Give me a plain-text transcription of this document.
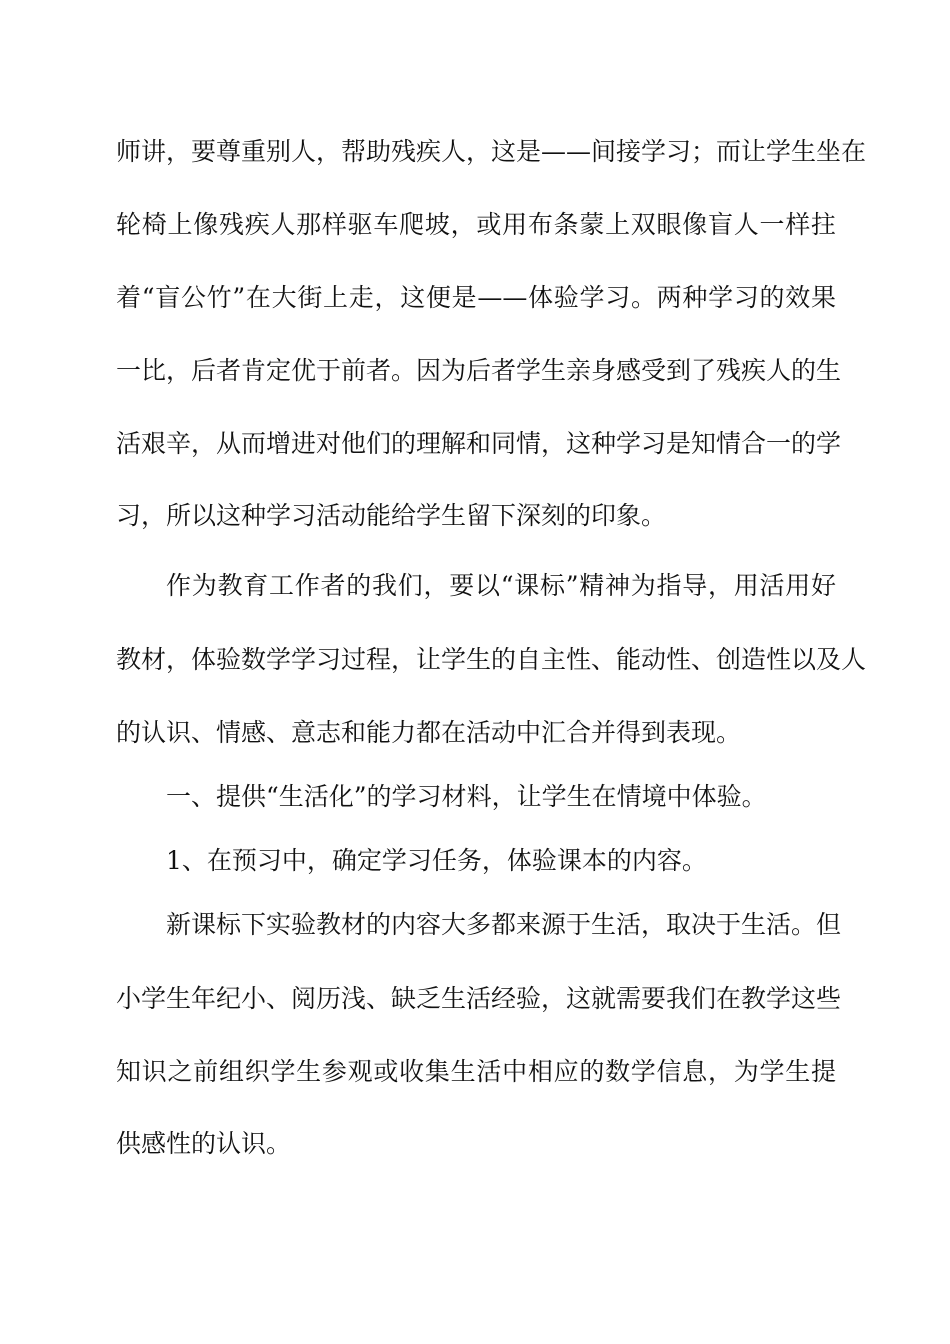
师讲，要尊重别人，帮助残疾人，这是——间接学习；而让学生坐在

轮椅上像残疾人那样驱车爬坡，或用布条蒙上双眼像盲人一样拄

着“盲公竹”在大街上走，这便是——体验学习。两种学习的效果

一比，后者肯定优于前者。因为后者学生亲身感受到了残疾人的生

活艰辛，从而增进对他们的理解和同情，这种学习是知情合一的学

习，所以这种学习活动能给学生留下深刻的印象。

作为教育工作者的我们，要以“课标”精神为指导，用活用好

教材，体验数学学习过程，让学生的自主性、能动性、创造性以及人

的认识、情感、意志和能力都在活动中汇合并得到表现。

一、提供“生活化”的学习材料，让学生在情境中体验。

1、在预习中，确定学习任务，体验课本的内容。

新课标下实验教材的内容大多都来源于生活，取决于生活。但

小学生年纪小、阅历浅、缺乏生活经验，这就需要我们在教学这些

知识之前组织学生参观或收集生活中相应的数学信息，为学生提

供感性的认识。
